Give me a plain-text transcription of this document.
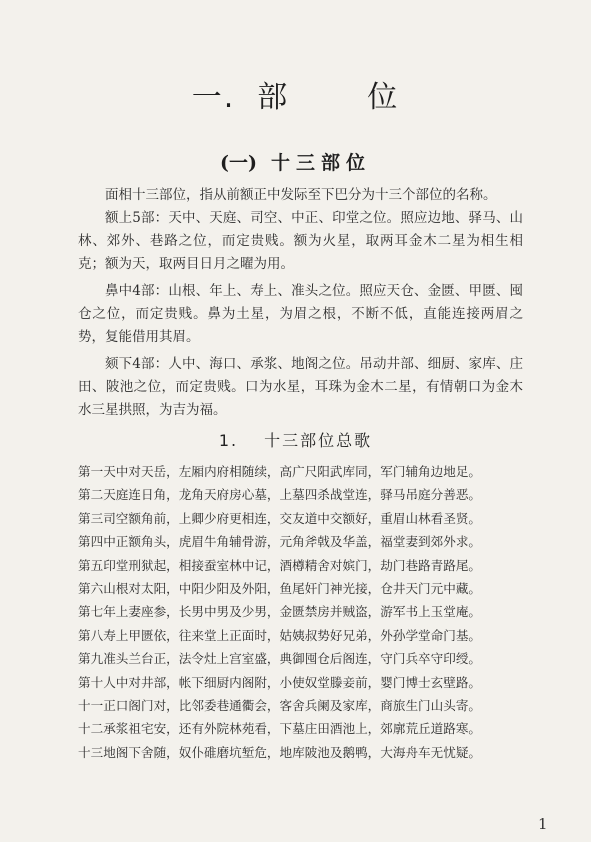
一. 部	位
(一) 十三部位

面相十三部位，指从前额正中发际至下巴分为十三个部位的名称。

额上5部：天中、天庭、司空、中正、印堂之位。照应边地、驿马、山林、郊外、巷路之位，而定贵贱。额为火星，取两耳金木二星为相生相克；额为天，取两目日月之曜为用。

鼻中4部：山根、年上、寿上、准头之位。照应天仓、金匮、甲匮、囤仓之位，而定贵贱。鼻为土星，为眉之根，不断不低，直能连接两眉之势，复能借用其眉。

颏下4部：人中、海口、承浆、地阁之位。吊动井部、细厨、家库、庄田、陂池之位，而定贵贱。口为水星，耳珠为金木二星，有情朝口为金木水三星拱照，为吉为福。

1. 十三部位总歌
第一天中对天岳，左厢内府相随续，高广尺阳武库同，军门辅角边地足。
第二天庭连日角，龙角天府房心墓，上墓四杀战堂连，驿马吊庭分善恶。
第三司空额角前，上卿少府更相连，交友道中交额好，重眉山林看圣贤。
第四中正额角头，虎眉牛角辅骨游，元角斧戟及华盖，福堂妻到郊外求。
第五印堂刑狱起，相接蚕室林中记，酒樽精舍对嫔门，劫门巷路青路尾。
第六山根对太阳，中阳少阳及外阳，鱼尾奸门神光接，仓井天门元中藏。
第七年上妻座参，长男中男及少男，金匮禁房并贼盗，游军书上玉堂庵。
第八寿上甲匮依，往来堂上正面时，姑姨叔势好兄弟，外孙学堂命门基。
第九准头兰台正，法令灶上宫室盛，典御囤仓后阁连，守门兵卒守印绶。
第十人中对井部，帐下细厨内阁附，小使奴堂滕妾前，婴门博士玄壁路。
十一正口阁门对，比邻委巷通衢会，客舍兵阑及家库，商旅生门山头寄。
十二承浆祖宅安，还有外院林苑看，下墓庄田酒池上，郊廓荒丘道路寒。
十三地阁下舍随，奴仆碓磨坑堑危，地库陂池及鹅鸭，大海舟车无忧疑。
1
